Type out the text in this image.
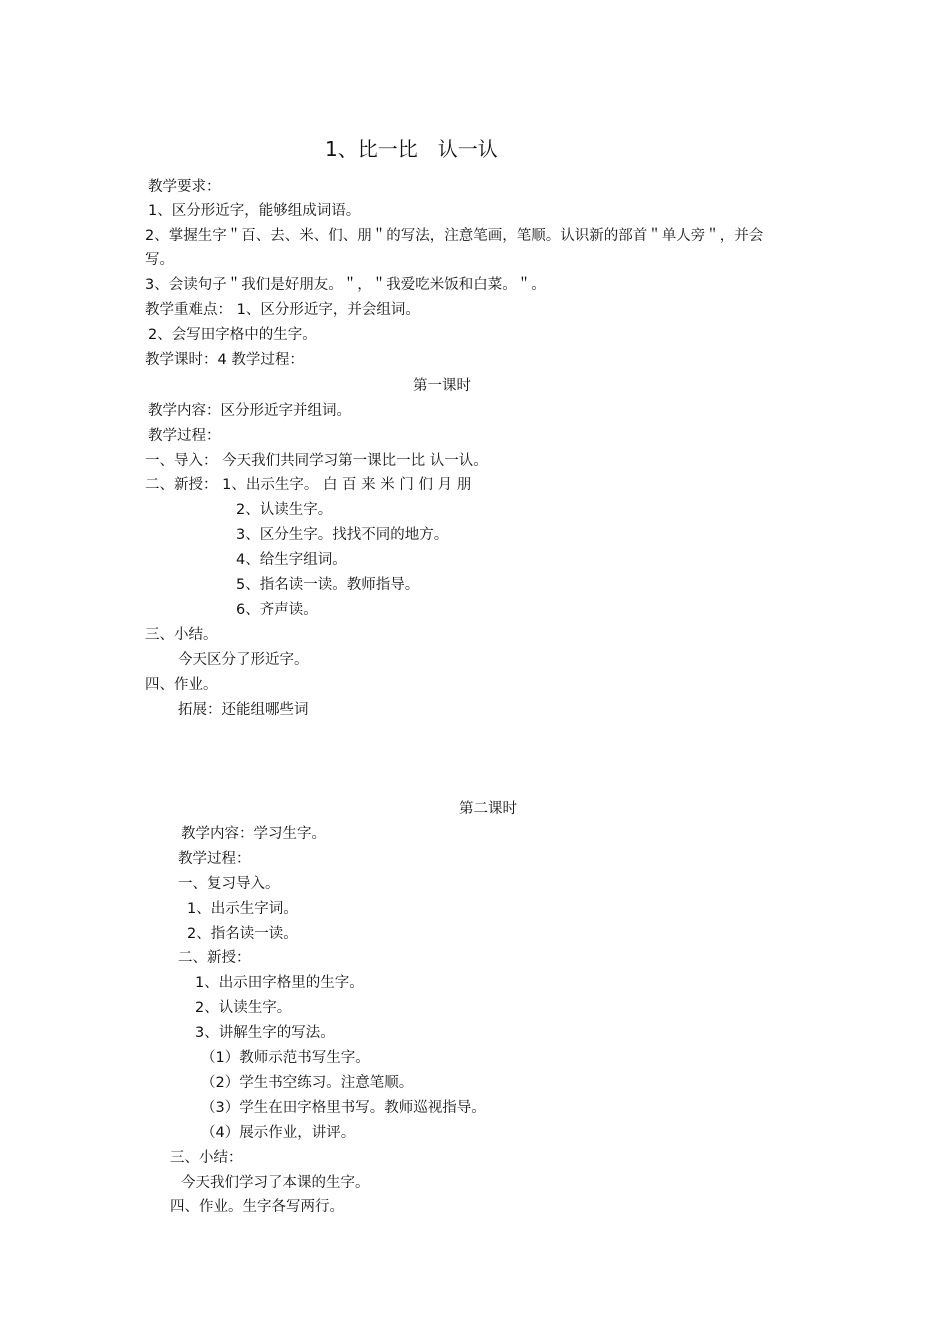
1、比一比　认一认
教学要求：
1、区分形近字，能够组成词语。
2、掌握生字＂百、去、米、们、朋＂的写法，注意笔画，笔顺。认识新的部首＂单人旁＂，并会
写。
3、会读句子＂我们是好朋友。＂，＂我爱吃米饭和白菜。＂。
教学重难点： 1、区分形近字，并会组词。
2、会写田字格中的生字。
教学课时：4 教学过程：
第一课时
教学内容：区分形近字并组词。
教学过程：
一、导入： 今天我们共同学习第一课比一比 认一认。
二、新授： 1、出示生字。 白 百 来 米 门 们 月 朋
2、认读生字。
3、区分生字。找找不同的地方。
4、给生字组词。
5、指名读一读。教师指导。
6、齐声读。
三、小结。
今天区分了形近字。
四、作业。
拓展：还能组哪些词
第二课时
教学内容：学习生字。
教学过程：
一、复习导入。
1、出示生字词。
2、指名读一读。
二、新授：
1、出示田字格里的生字。
2、认读生字。
3、讲解生字的写法。
（1）教师示范书写生字。
（2）学生书空练习。注意笔顺。
（3）学生在田字格里书写。教师巡视指导。
（4）展示作业，讲评。
三、小结：
今天我们学习了本课的生字。
四、作业。生字各写两行。
